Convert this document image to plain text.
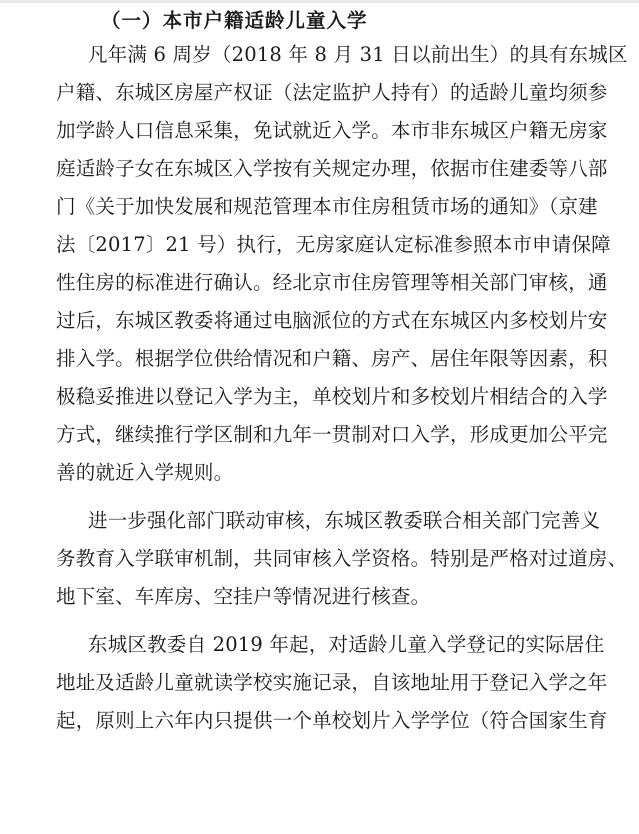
（一）本市户籍适龄儿童入学
凡年满 6 周岁（2018 年 8 月 31 日以前出生）的具有东城区
户籍、东城区房屋产权证（法定监护人持有）的适龄儿童均须参
加学龄人口信息采集，免试就近入学。本市非东城区户籍无房家
庭适龄子女在东城区入学按有关规定办理，依据市住建委等八部
门《关于加快发展和规范管理本市住房租赁市场的通知》（京建
法〔2017〕21 号）执行，无房家庭认定标准参照本市申请保障
性住房的标准进行确认。经北京市住房管理等相关部门审核，通
过后，东城区教委将通过电脑派位的方式在东城区内多校划片安
排入学。根据学位供给情况和户籍、房产、居住年限等因素，积
极稳妥推进以登记入学为主，单校划片和多校划片相结合的入学
方式，继续推行学区制和九年一贯制对口入学，形成更加公平完
善的就近入学规则。
进一步强化部门联动审核，东城区教委联合相关部门完善义
务教育入学联审机制，共同审核入学资格。特别是严格对过道房、
地下室、车库房、空挂户等情况进行核查。
东城区教委自 2019 年起，对适龄儿童入学登记的实际居住
地址及适龄儿童就读学校实施记录，自该地址用于登记入学之年
起，原则上六年内只提供一个单校划片入学学位（符合国家生育
